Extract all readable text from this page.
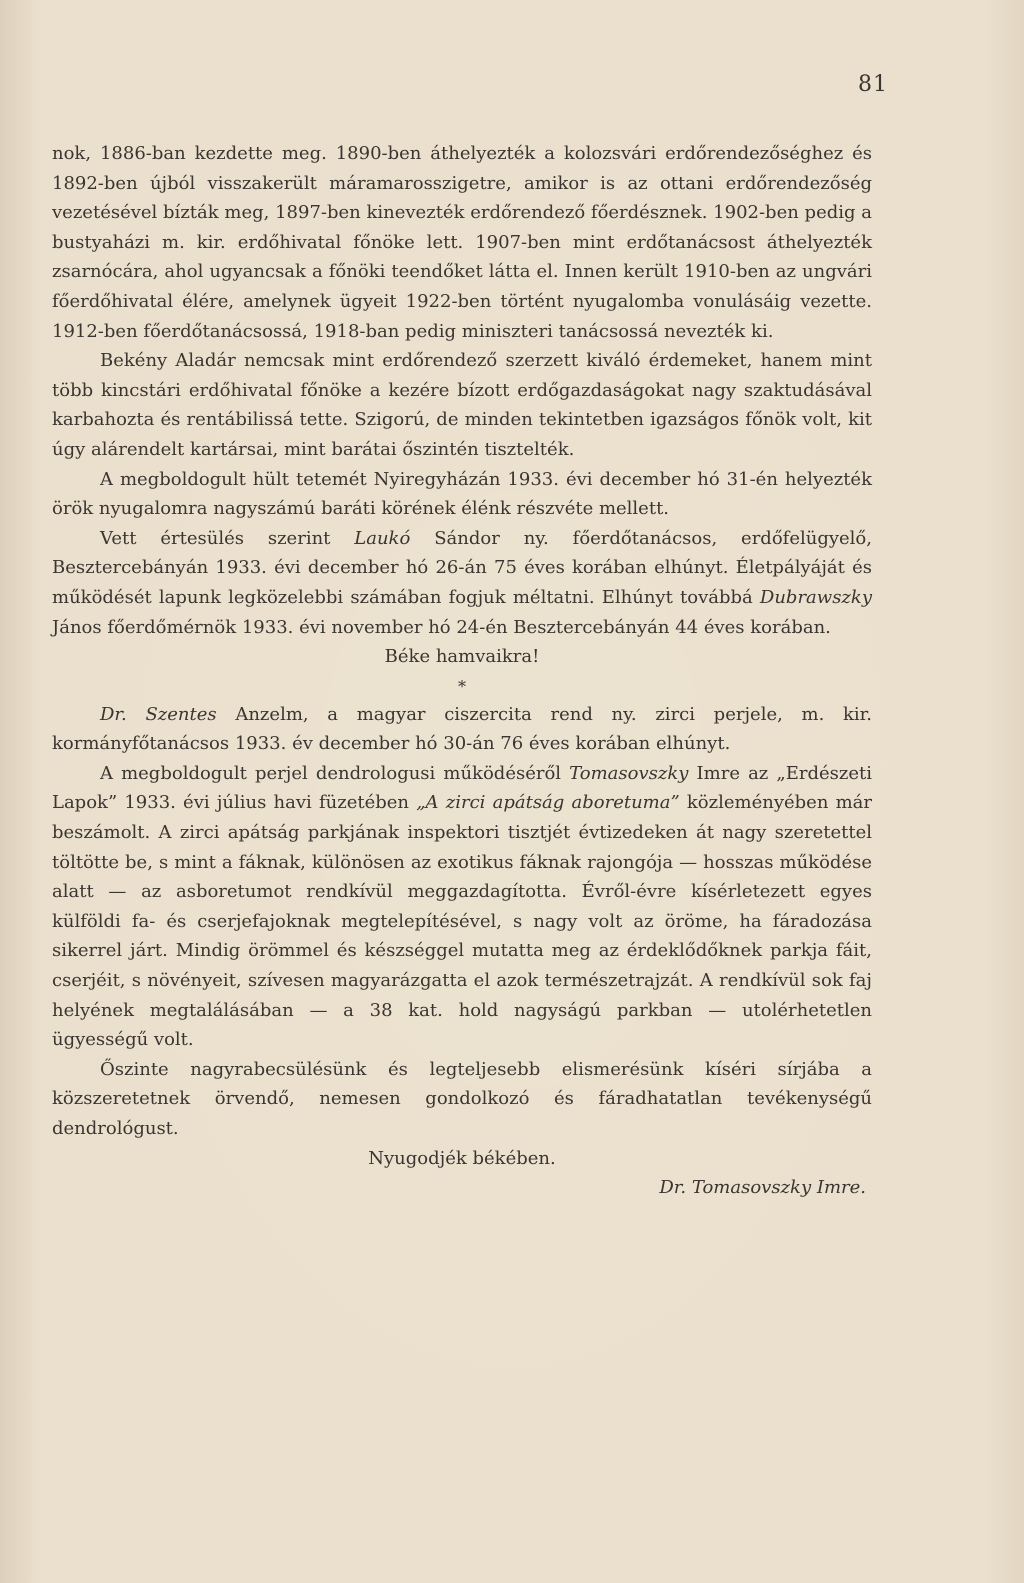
81

nok, 1886-ban kezdette meg. 1890-ben áthelyezték a kolozsvári erdőrendezőséghez és 1892-ben újból visszakerült máramarosszigetre, amikor is az ottani erdőrendezőség vezetésével bízták meg, 1897-ben kinevezték erdőrendező főerdésznek. 1902-ben pedig a bustyaházi m. kir. erdőhivatal főnöke lett. 1907-ben mint erdőtanácsost áthelyezték zsarnócára, ahol ugyancsak a főnöki teendőket látta el. Innen került 1910-ben az ungvári főerdőhivatal élére, amelynek ügyeit 1922-ben történt nyugalomba vonulásáig vezette. 1912-ben főerdőtanácsossá, 1918-ban pedig miniszteri tanácsossá nevezték ki.

Bekény Aladár nemcsak mint erdőrendező szerzett kiváló érdemeket, hanem mint több kincstári erdőhivatal főnöke a kezére bízott erdőgazdaságokat nagy szaktudásával karbahozta és rentábilissá tette. Szigorú, de minden tekintetben igazságos főnök volt, kit úgy alárendelt kartársai, mint barátai őszintén tisztelték.

A megboldogult hült tetemét Nyiregyházán 1933. évi december hó 31-én helyezték örök nyugalomra nagyszámú baráti körének élénk részvéte mellett.

Vett értesülés szerint Laukó Sándor ny. főerdőtanácsos, erdőfelügyelő, Besztercebányán 1933. évi december hó 26-án 75 éves korában elhúnyt. Életpályáját és működését lapunk legközelebbi számában fogjuk méltatni. Elhúnyt továbbá Dubrawszky János főerdőmérnök 1933. évi november hó 24-én Besztercebányán 44 éves korában.

Béke hamvaikra!

*

Dr. Szentes Anzelm, a magyar ciszercita rend ny. zirci perjele, m. kir. kormányfőtanácsos 1933. év december hó 30-án 76 éves korában elhúnyt.

A megboldogult perjel dendrologusi működéséről Tomasovszky Imre az „Erdészeti Lapok” 1933. évi július havi füzetében „A zirci apátság aboretuma” közleményében már beszámolt. A zirci apátság parkjának inspektori tisztjét évtizedeken át nagy szeretettel töltötte be, s mint a fáknak, különösen az exotikus fáknak rajongója — hosszas működése alatt — az asboretumot rendkívül meggazdagította. Évről-évre kísérletezett egyes külföldi fa- és cserjefajoknak megtelepítésével, s nagy volt az öröme, ha fáradozása sikerrel járt. Mindig örömmel és készséggel mutatta meg az érdeklődőknek parkja fáit, cserjéit, s növényeit, szívesen magyarázgatta el azok természetrajzát. A rendkívül sok faj helyének megtalálásában — a 38 kat. hold nagyságú parkban — utolérhetetlen ügyességű volt.

Őszinte nagyrabecsülésünk és legteljesebb elismerésünk kíséri sírjába a közszeretetnek örvendő, nemesen gondolkozó és fáradhatatlan tevékenységű dendrológust.

Nyugodjék békében.

Dr. Tomasovszky Imre.
